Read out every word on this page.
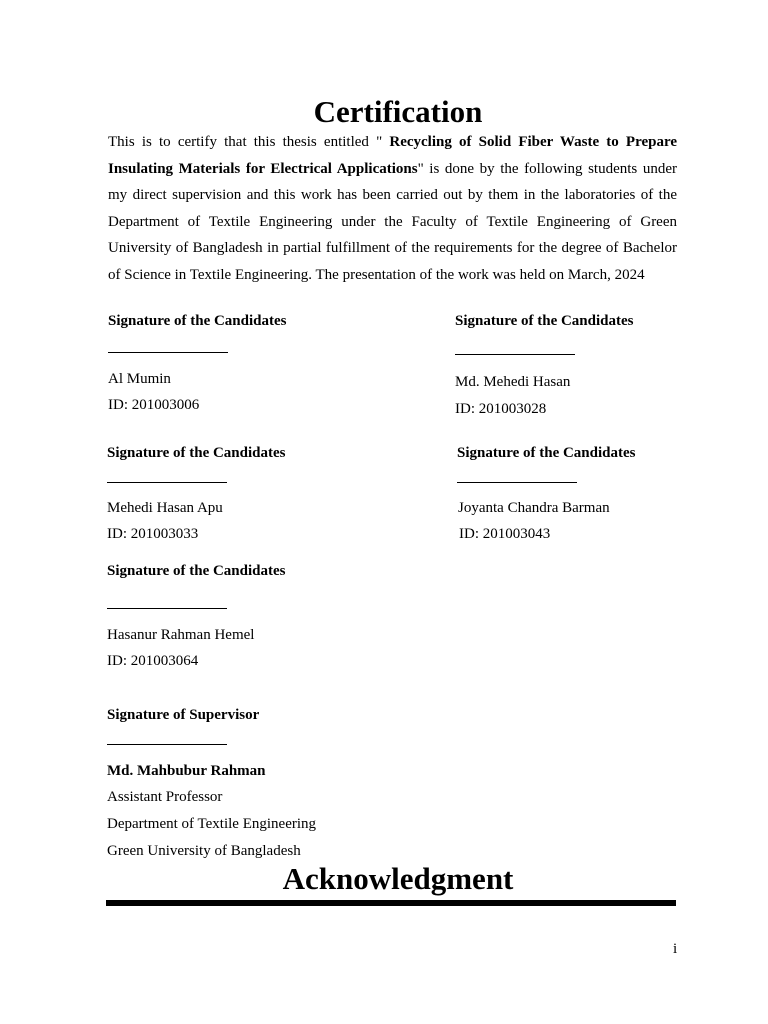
Certification

This is to certify that this thesis entitled " Recycling of Solid Fiber Waste to Prepare Insulating Materials for Electrical Applications" is done by the following students under my direct supervision and this work has been carried out by them in the laboratories of the Department of Textile Engineering under the Faculty of Textile Engineering of Green University of Bangladesh in partial fulfillment of the requirements for the degree of Bachelor of Science in Textile Engineering. The presentation of the work was held on March, 2024

Signature of the Candidates
Al Mumin
ID: 201003006
Signature of the Candidates
Md. Mehedi Hasan
ID: 201003028
Signature of the Candidates
Mehedi Hasan Apu
ID: 201003033
Signature of the Candidates
Joyanta Chandra Barman
ID: 201003043
Signature of the Candidates
Hasanur Rahman Hemel
ID: 201003064
Signature of Supervisor
Md. Mahbubur Rahman
Assistant Professor
Department of Textile Engineering
Green University of Bangladesh
Acknowledgment
i
